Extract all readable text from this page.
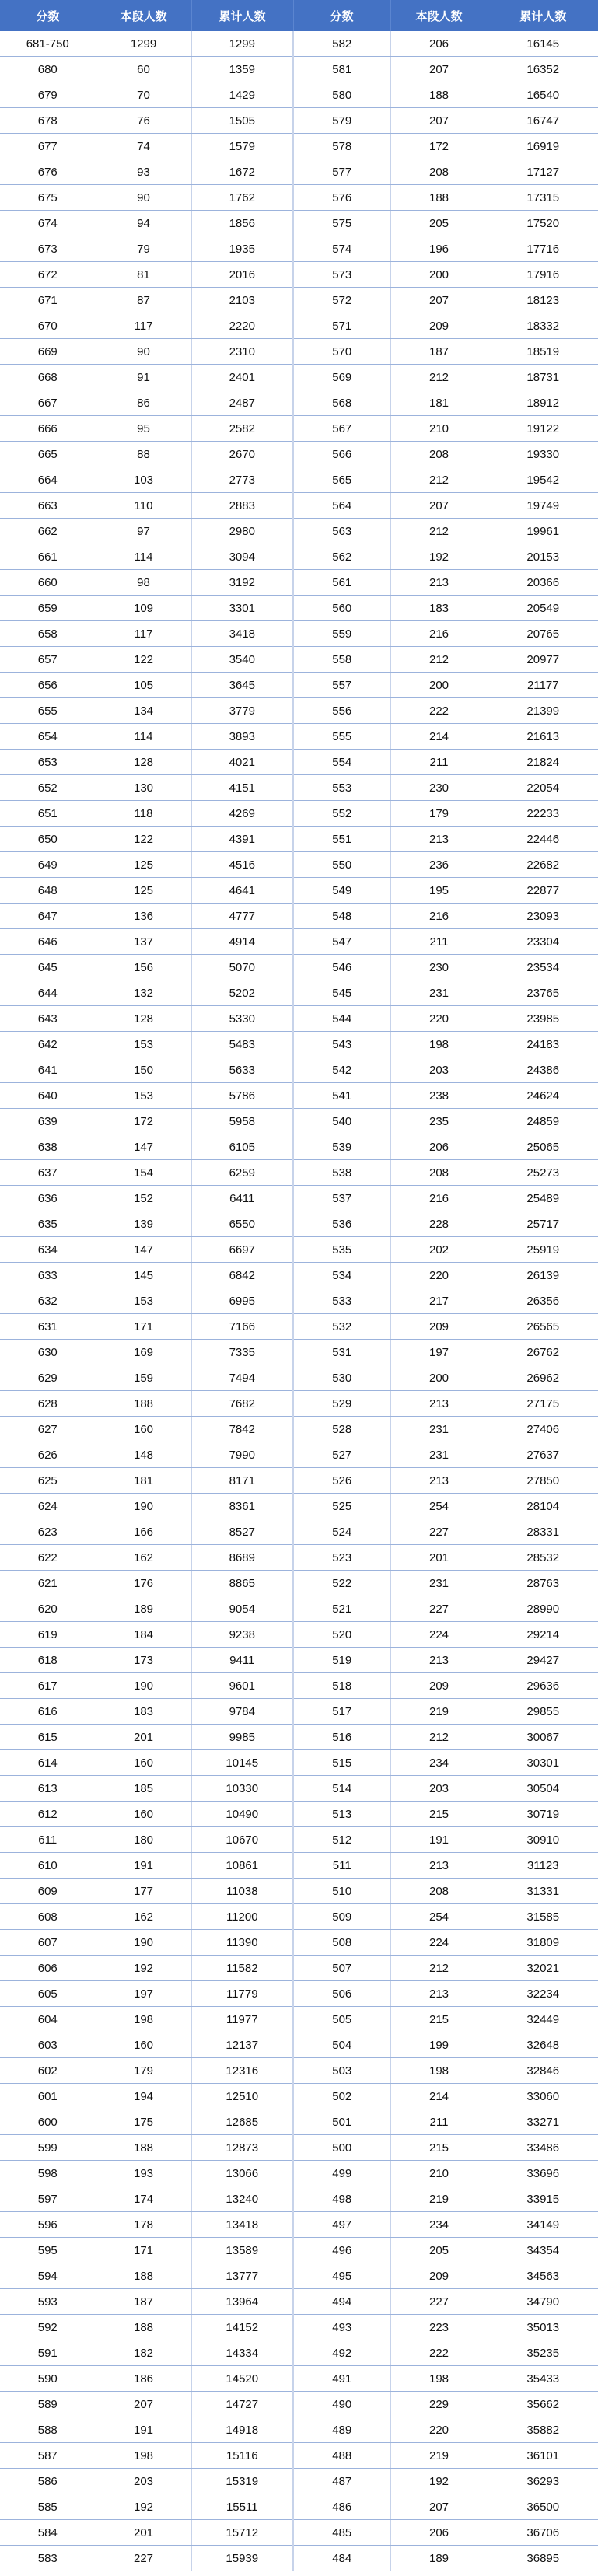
分数	本段人数	累计人数	分数	本段人数	累计人数
681-750	1299	1299	582	206	16145
680	60	1359	581	207	16352
679	70	1429	580	188	16540
678	76	1505	579	207	16747
677	74	1579	578	172	16919
676	93	1672	577	208	17127
675	90	1762	576	188	17315
674	94	1856	575	205	17520
673	79	1935	574	196	17716
672	81	2016	573	200	17916
671	87	2103	572	207	18123
670	117	2220	571	209	18332
669	90	2310	570	187	18519
668	91	2401	569	212	18731
667	86	2487	568	181	18912
666	95	2582	567	210	19122
665	88	2670	566	208	19330
664	103	2773	565	212	19542
663	110	2883	564	207	19749
662	97	2980	563	212	19961
661	114	3094	562	192	20153
660	98	3192	561	213	20366
659	109	3301	560	183	20549
658	117	3418	559	216	20765
657	122	3540	558	212	20977
656	105	3645	557	200	21177
655	134	3779	556	222	21399
654	114	3893	555	214	21613
653	128	4021	554	211	21824
652	130	4151	553	230	22054
651	118	4269	552	179	22233
650	122	4391	551	213	22446
649	125	4516	550	236	22682
648	125	4641	549	195	22877
647	136	4777	548	216	23093
646	137	4914	547	211	23304
645	156	5070	546	230	23534
644	132	5202	545	231	23765
643	128	5330	544	220	23985
642	153	5483	543	198	24183
641	150	5633	542	203	24386
640	153	5786	541	238	24624
639	172	5958	540	235	24859
638	147	6105	539	206	25065
637	154	6259	538	208	25273
636	152	6411	537	216	25489
635	139	6550	536	228	25717
634	147	6697	535	202	25919
633	145	6842	534	220	26139
632	153	6995	533	217	26356
631	171	7166	532	209	26565
630	169	7335	531	197	26762
629	159	7494	530	200	26962
628	188	7682	529	213	27175
627	160	7842	528	231	27406
626	148	7990	527	231	27637
625	181	8171	526	213	27850
624	190	8361	525	254	28104
623	166	8527	524	227	28331
622	162	8689	523	201	28532
621	176	8865	522	231	28763
620	189	9054	521	227	28990
619	184	9238	520	224	29214
618	173	9411	519	213	29427
617	190	9601	518	209	29636
616	183	9784	517	219	29855
615	201	9985	516	212	30067
614	160	10145	515	234	30301
613	185	10330	514	203	30504
612	160	10490	513	215	30719
611	180	10670	512	191	30910
610	191	10861	511	213	31123
609	177	11038	510	208	31331
608	162	11200	509	254	31585
607	190	11390	508	224	31809
606	192	11582	507	212	32021
605	197	11779	506	213	32234
604	198	11977	505	215	32449
603	160	12137	504	199	32648
602	179	12316	503	198	32846
601	194	12510	502	214	33060
600	175	12685	501	211	33271
599	188	12873	500	215	33486
598	193	13066	499	210	33696
597	174	13240	498	219	33915
596	178	13418	497	234	34149
595	171	13589	496	205	34354
594	188	13777	495	209	34563
593	187	13964	494	227	34790
592	188	14152	493	223	35013
591	182	14334	492	222	35235
590	186	14520	491	198	35433
589	207	14727	490	229	35662
588	191	14918	489	220	35882
587	198	15116	488	219	36101
586	203	15319	487	192	36293
585	192	15511	486	207	36500
584	201	15712	485	206	36706
583	227	15939	484	189	36895
